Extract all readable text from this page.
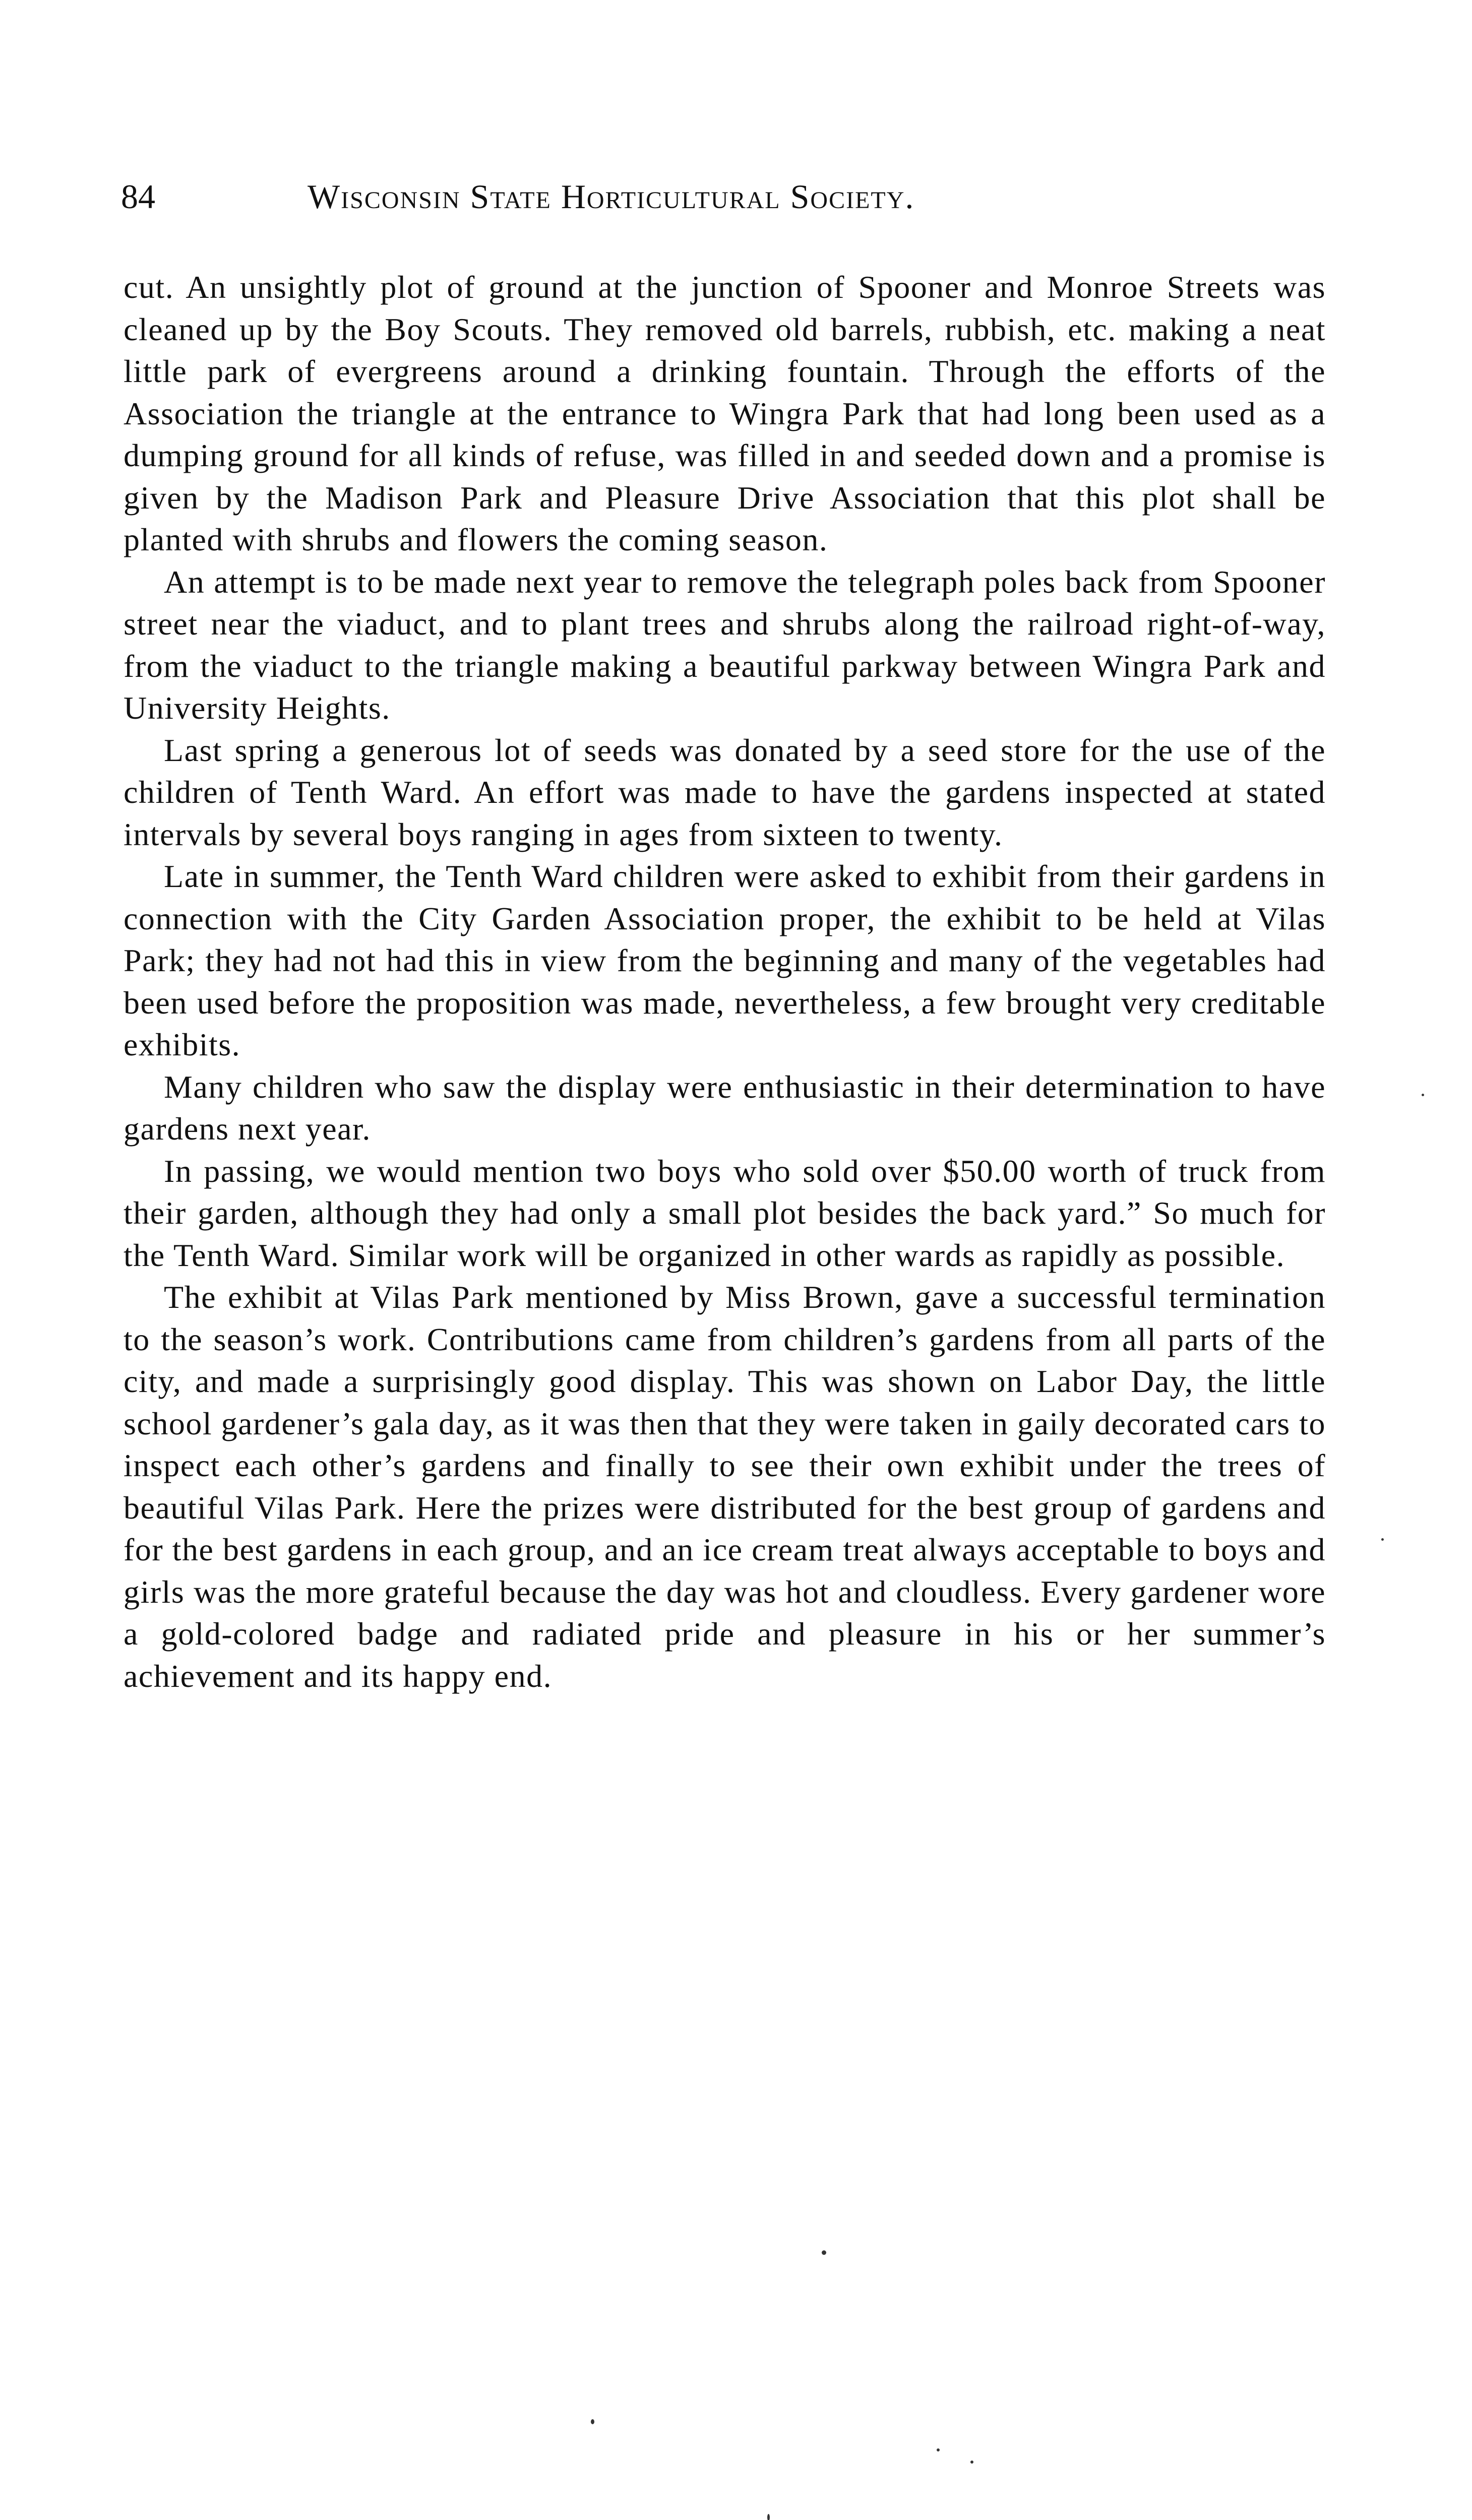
84	Wisconsin State Horticultural Society.

cut. An unsightly plot of ground at the junction of Spooner and Monroe Streets was cleaned up by the Boy Scouts. They removed old barrels, rubbish, etc. making a neat little park of evergreens around a drinking fountain. Through the efforts of the Association the triangle at the entrance to Wingra Park that had long been used as a dumping ground for all kinds of refuse, was filled in and seeded down and a promise is given by the Madison Park and Pleasure Drive Association that this plot shall be planted with shrubs and flowers the coming season.

An attempt is to be made next year to remove the telegraph poles back from Spooner street near the viaduct, and to plant trees and shrubs along the railroad right-of-way, from the viaduct to the triangle making a beautiful parkway between Wingra Park and University Heights.

Last spring a generous lot of seeds was donated by a seed store for the use of the children of Tenth Ward. An effort was made to have the gardens inspected at stated intervals by several boys ranging in ages from sixteen to twenty.

Late in summer, the Tenth Ward children were asked to exhibit from their gardens in connection with the City Garden Association proper, the exhibit to be held at Vilas Park; they had not had this in view from the beginning and many of the vegetables had been used before the proposition was made, nevertheless, a few brought very creditable exhibits.

Many children who saw the display were enthusiastic in their determination to have gardens next year.

In passing, we would mention two boys who sold over $50.00 worth of truck from their garden, although they had only a small plot besides the back yard.” So much for the Tenth Ward. Similar work will be organized in other wards as rapidly as possible.

The exhibit at Vilas Park mentioned by Miss Brown, gave a successful termination to the season’s work. Contributions came from children’s gardens from all parts of the city, and made a surprisingly good display. This was shown on Labor Day, the little school gardener’s gala day, as it was then that they were taken in gaily decorated cars to inspect each other’s gardens and finally to see their own exhibit under the trees of beautiful Vilas Park. Here the prizes were distributed for the best group of gardens and for the best gardens in each group, and an ice cream treat always acceptable to boys and girls was the more grateful because the day was hot and cloudless. Every gardener wore a gold-colored badge and radiated pride and pleasure in his or her summer’s achievement and its happy end.
